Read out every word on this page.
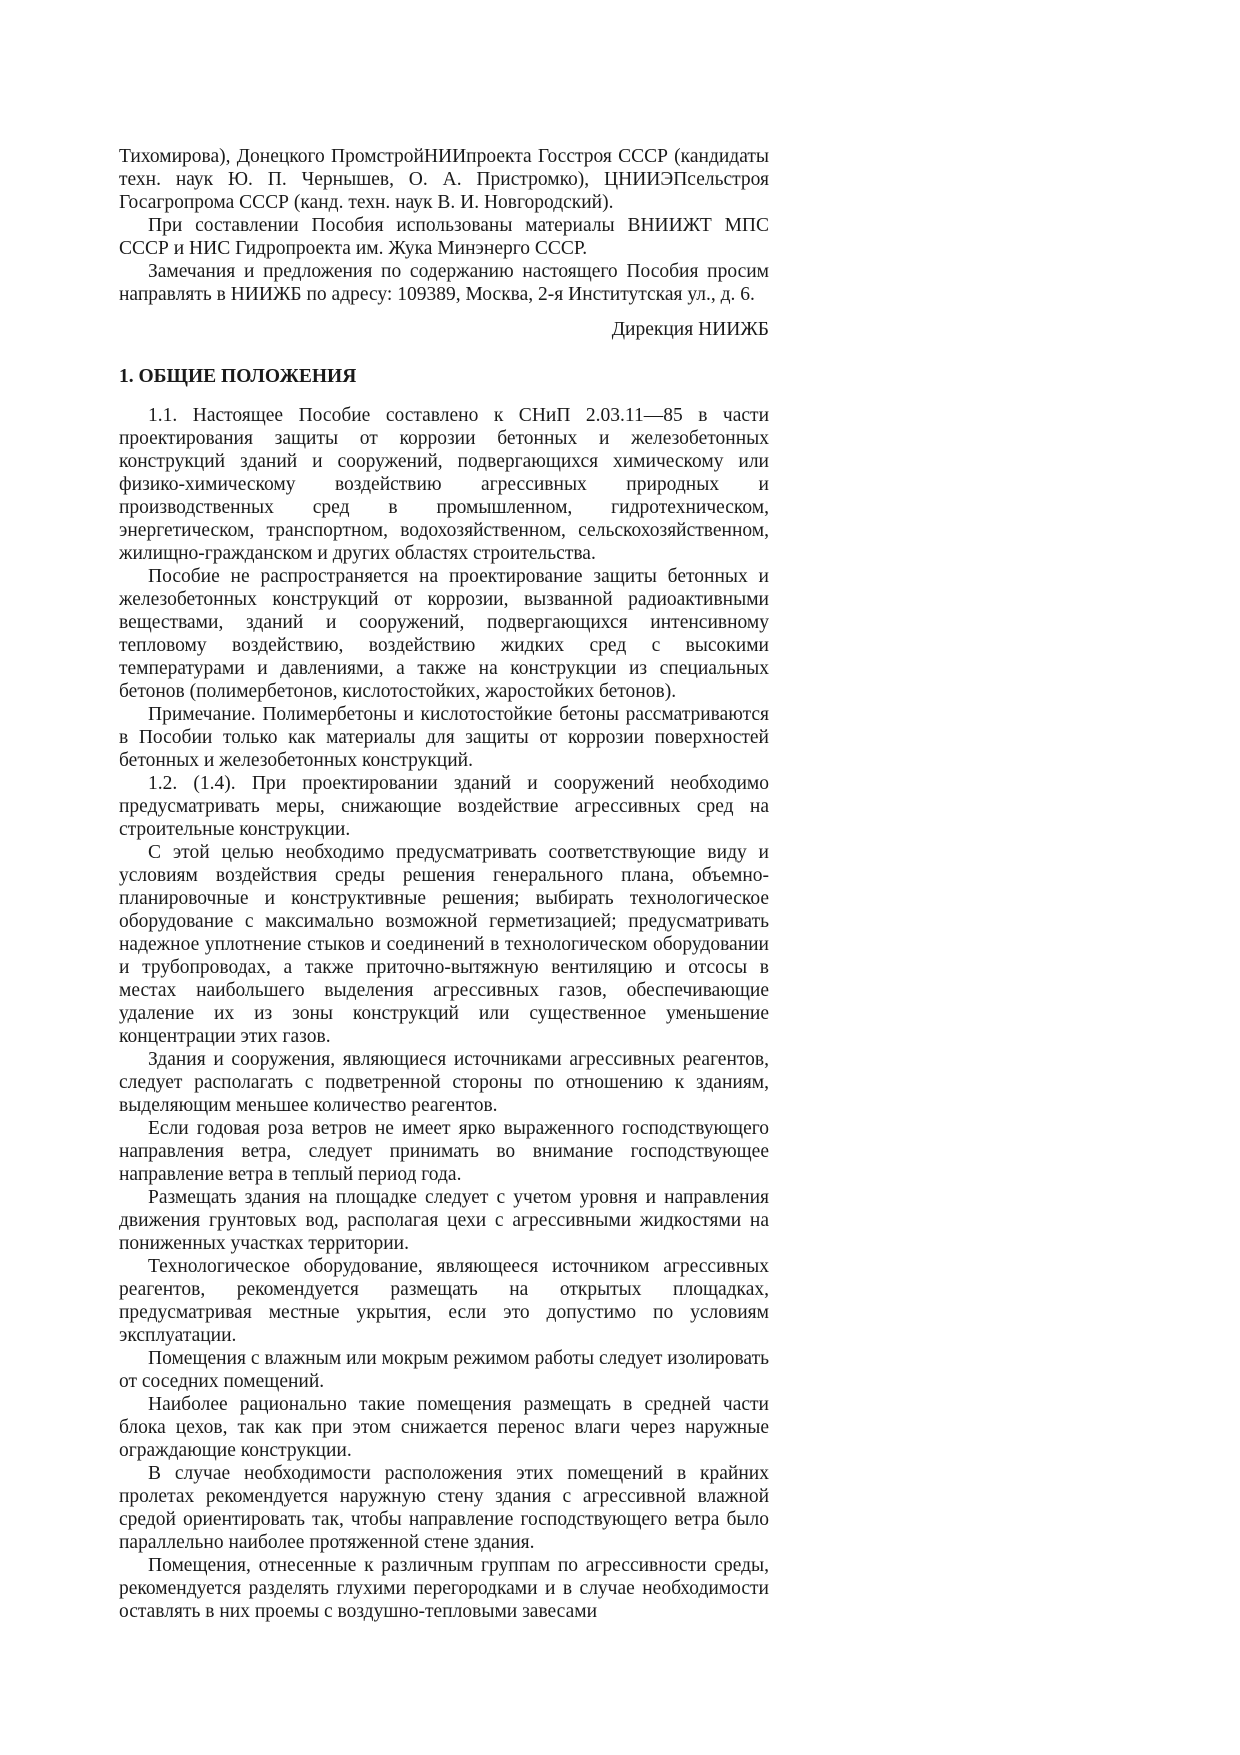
Тихомирова), Донецкого ПромстройНИИпроекта Госстроя СССР (кандидаты техн. наук Ю. П. Чернышев, О. А. Пристромко), ЦНИИЭПсельстроя Госагропрома СССР (канд. техн. наук В. И. Новгородский).

При составлении Пособия использованы материалы ВНИИЖТ МПС СССР и НИС Гидропроекта им. Жука Минэнерго СССР.

Замечания и предложения по содержанию настоящего Пособия просим направлять в НИИЖБ по адресу: 109389, Москва, 2-я Институтская ул., д. 6.

Дирекция НИИЖБ

1. ОБЩИЕ ПОЛОЖЕНИЯ

1.1. Настоящее Пособие составлено к СНиП 2.03.11—85 в части проектирования защиты от коррозии бетонных и железобетонных конструкций зданий и сооружений, подвергающихся химическому или физико-химическому воздействию агрессивных природных и производственных сред в промышленном, гидротехническом, энергетическом, транспортном, водохозяйственном, сельскохозяйственном, жилищно-гражданском и других областях строительства.

Пособие не распространяется на проектирование защиты бетонных и железобетонных конструкций от коррозии, вызванной радиоактивными веществами, зданий и сооружений, подвергающихся интенсивному тепловому воздействию, воздействию жидких сред с высокими температурами и давлениями, а также на конструкции из специальных бетонов (полимербетонов, кислотостойких, жаростойких бетонов).

Примечание. Полимербетоны и кислотостойкие бетоны рассматриваются в Пособии только как материалы для защиты от коррозии поверхностей бетонных и железобетонных конструкций.

1.2. (1.4). При проектировании зданий и сооружений необходимо предусматривать меры, снижающие воздействие агрессивных сред на строительные конструкции.

С этой целью необходимо предусматривать соответствующие виду и условиям воздействия среды решения генерального плана, объемно-планировочные и конструктивные решения; выбирать технологическое оборудование с максимально возможной герметизацией; предусматривать надежное уплотнение стыков и соединений в технологическом оборудовании и трубопроводах, а также приточно-вытяжную вентиляцию и отсосы в местах наибольшего выделения агрессивных газов, обеспечивающие удаление их из зоны конструкций или существенное уменьшение концентрации этих газов.

Здания и сооружения, являющиеся источниками агрессивных реагентов, следует располагать с подветренной стороны по отношению к зданиям, выделяющим меньшее количество реагентов.

Если годовая роза ветров не имеет ярко выраженного господствующего направления ветра, следует принимать во внимание господствующее направление ветра в теплый период года.

Размещать здания на площадке следует с учетом уровня и направления движения грунтовых вод, располагая цехи с агрессивными жидкостями на пониженных участках территории.

Технологическое оборудование, являющееся источником агрессивных реагентов, рекомендуется размещать на открытых площадках, предусматривая местные укрытия, если это допустимо по условиям эксплуатации.

Помещения с влажным или мокрым режимом работы следует изолировать от соседних помещений.

Наиболее рационально такие помещения размещать в средней части блока цехов, так как при этом снижается перенос влаги через наружные ограждающие конструкции.

В случае необходимости расположения этих помещений в крайних пролетах рекомендуется наружную стену здания с агрессивной влажной средой ориентировать так, чтобы направление господствующего ветра было параллельно наиболее протяженной стене здания.

Помещения, отнесенные к различным группам по агрессивности среды, рекомендуется разделять глухими перегородками и в случае необходимости оставлять в них проемы с воздушно-тепловыми завесами
